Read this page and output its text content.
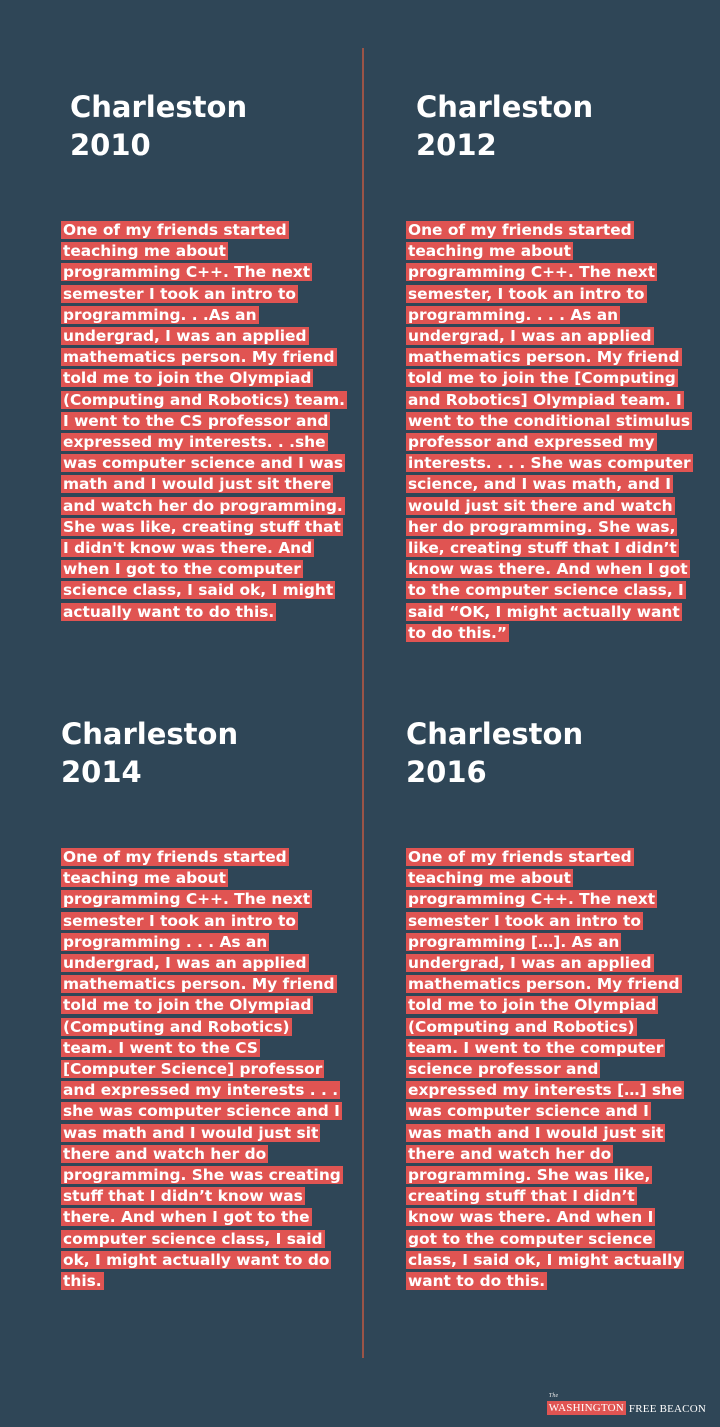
Charleston
2010

One of my friends started teaching me about programming C++. The next semester I took an intro to programming. . .As an undergrad, I was an applied mathematics person. My friend told me to join the Olympiad (Computing and Robotics) team. I went to the CS professor and expressed my interests. . .she was computer science and I was math and I would just sit there and watch her do programming. She was like, creating stuff that I didn't know was there. And when I got to the computer science class, I said ok, I might actually want to do this.

Charleston
2012

One of my friends started teaching me about programming C++. The next semester, I took an intro to programming. . . . As an undergrad, I was an applied mathematics person. My friend told me to join the [Computing and Robotics] Olympiad team. I went to the conditional stimulus professor and expressed my interests. . . . She was computer science, and I was math, and I would just sit there and watch her do programming. She was, like, creating stuff that I didn’t know was there. And when I got to the computer science class, I said “OK, I might actually want to do this.”

Charleston
2014

One of my friends started teaching me about programming C++. The next semester I took an intro to programming . . . As an undergrad, I was an applied mathematics person. My friend told me to join the Olympiad (Computing and Robotics) team. I went to the CS [Computer Science] professor and expressed my interests . . . she was computer science and I was math and I would just sit there and watch her do programming. She was creating stuff that I didn’t know was there. And when I got to the computer science class, I said ok, I might actually want to do this.

Charleston
2016

One of my friends started teaching me about programming C++. The next semester I took an intro to programming […]. As an undergrad, I was an applied mathematics person. My friend told me to join the Olympiad (Computing and Robotics) team. I went to the computer science professor and expressed my interests […] she was computer science and I was math and I would just sit there and watch her do programming. She was like, creating stuff that I didn’t know was there. And when I got to the computer science class, I said ok, I might actually want to do this.

The
WASHINGTON FREE BEACON
